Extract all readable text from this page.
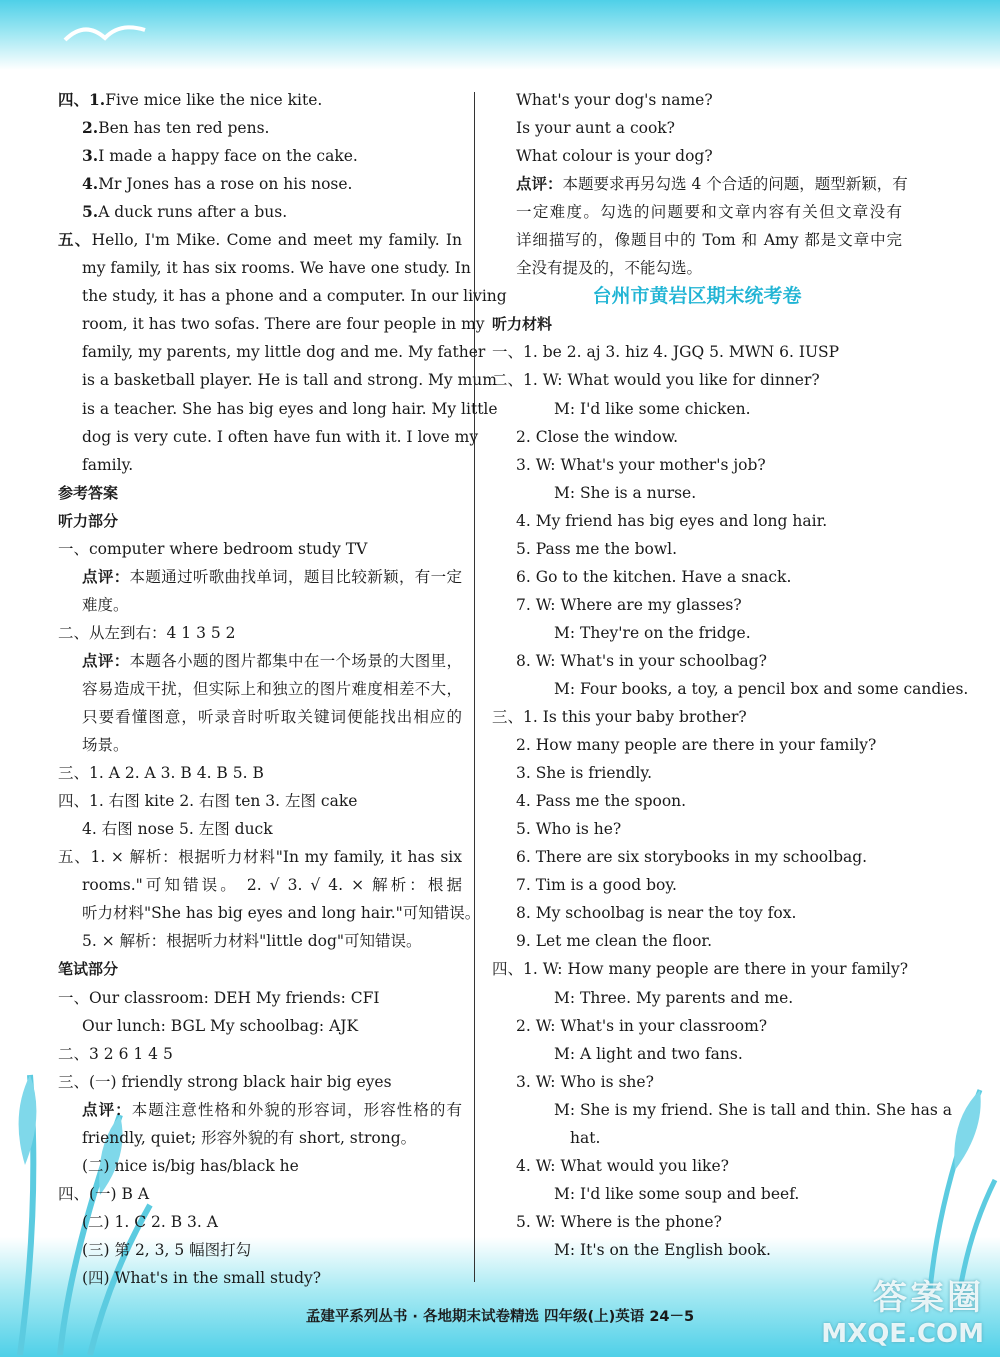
四、1.Five mice like the nice kite.
2.Ben has ten red pens.
3.I made a happy face on the cake.
4.Mr Jones has a rose on his nose.
5.A duck runs after a bus.
五、Hello, I'm Mike. Come and meet my family. In
my family, it has six rooms. We have one study. In
the study, it has a phone and a computer. In our living
room, it has two sofas. There are four people in my
family, my parents, my little dog and me. My father
is a basketball player. He is tall and strong. My mum
is a teacher. She has big eyes and long hair. My little
dog is very cute. I often have fun with it. I love my
family.
参考答案
听力部分
一、computer where bedroom study TV
点评：本题通过听歌曲找单词，题目比较新颖，有一定
难度。
二、从左到右：4 1 3 5 2
点评：本题各小题的图片都集中在一个场景的大图里，
容易造成干扰，但实际上和独立的图片难度相差不大，
只要看懂图意，听录音时听取关键词便能找出相应的
场景。
三、1. A 2. A 3. B 4. B 5. B
四、1. 右图 kite 2. 右图 ten 3. 左图 cake
4. 右图 nose 5. 左图 duck
五、1. × 解析：根据听力材料"In my family, it has six
rooms."可知错误。 2. √ 3. √ 4. × 解析：根据
听力材料"She has big eyes and long hair."可知错误。
5. × 解析：根据听力材料"little dog"可知错误。
笔试部分
一、Our classroom: DEH My friends: CFI
Our lunch: BGL My schoolbag: AJK
二、3 2 6 1 4 5
三、(一) friendly strong black hair big eyes
点评：本题注意性格和外貌的形容词，形容性格的有
friendly, quiet; 形容外貌的有 short, strong。
(二) nice is/big has/black he
四、(一) B A
(二) 1. C 2. B 3. A
(三) 第 2, 3, 5 幅图打勾
(四) What's in the small study?
What's your dog's name?
Is your aunt a cook?
What colour is your dog?
点评：本题要求再另勾选 4 个合适的问题，题型新颖，有
一定难度。勾选的问题要和文章内容有关但文章没有
详细描写的，像题目中的 Tom 和 Amy 都是文章中完
全没有提及的，不能勾选。
台州市黄岩区期末统考卷
听力材料
一、1. be 2. aj 3. hiz 4. JGQ 5. MWN 6. IUSP
二、1. W: What would you like for dinner?
M: I'd like some chicken.
2. Close the window.
3. W: What's your mother's job?
M: She is a nurse.
4. My friend has big eyes and long hair.
5. Pass me the bowl.
6. Go to the kitchen. Have a snack.
7. W: Where are my glasses?
M: They're on the fridge.
8. W: What's in your schoolbag?
M: Four books, a toy, a pencil box and some candies.
三、1. Is this your baby brother?
2. How many people are there in your family?
3. She is friendly.
4. Pass me the spoon.
5. Who is he?
6. There are six storybooks in my schoolbag.
7. Tim is a good boy.
8. My schoolbag is near the toy fox.
9. Let me clean the floor.
四、1. W: How many people are there in your family?
M: Three. My parents and me.
2. W: What's in your classroom?
M: A light and two fans.
3. W: Who is she?
M: She is my friend. She is tall and thin. She has a
hat.
4. W: What would you like?
M: I'd like some soup and beef.
5. W: Where is the phone?
M: It's on the English book.
孟建平系列丛书 · 各地期末试卷精选 四年级(上)英语 24－5	答案圈
MXQE.COM
